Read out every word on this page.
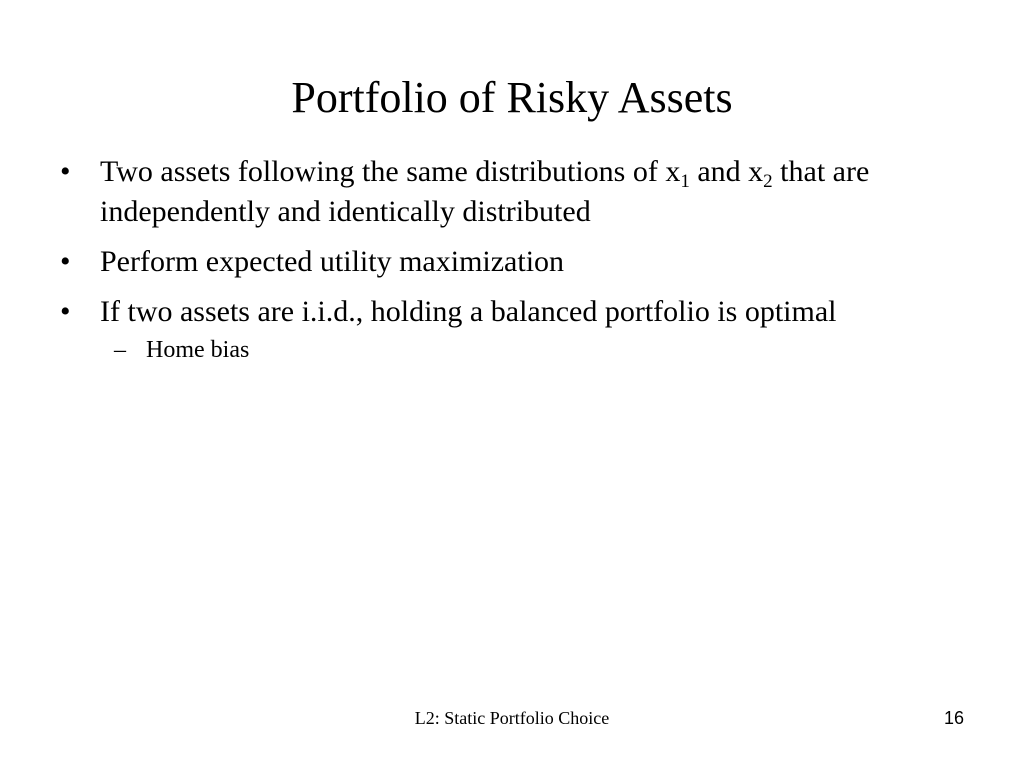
Portfolio of Risky Assets
• Two assets following the same distributions of $x_1$ and $x_2$ that are independently and identically distributed
• Perform expected utility maximization
• If two assets are i.i.d., holding a balanced portfolio is optimal
– Home bias
L2: Static Portfolio Choice	16
